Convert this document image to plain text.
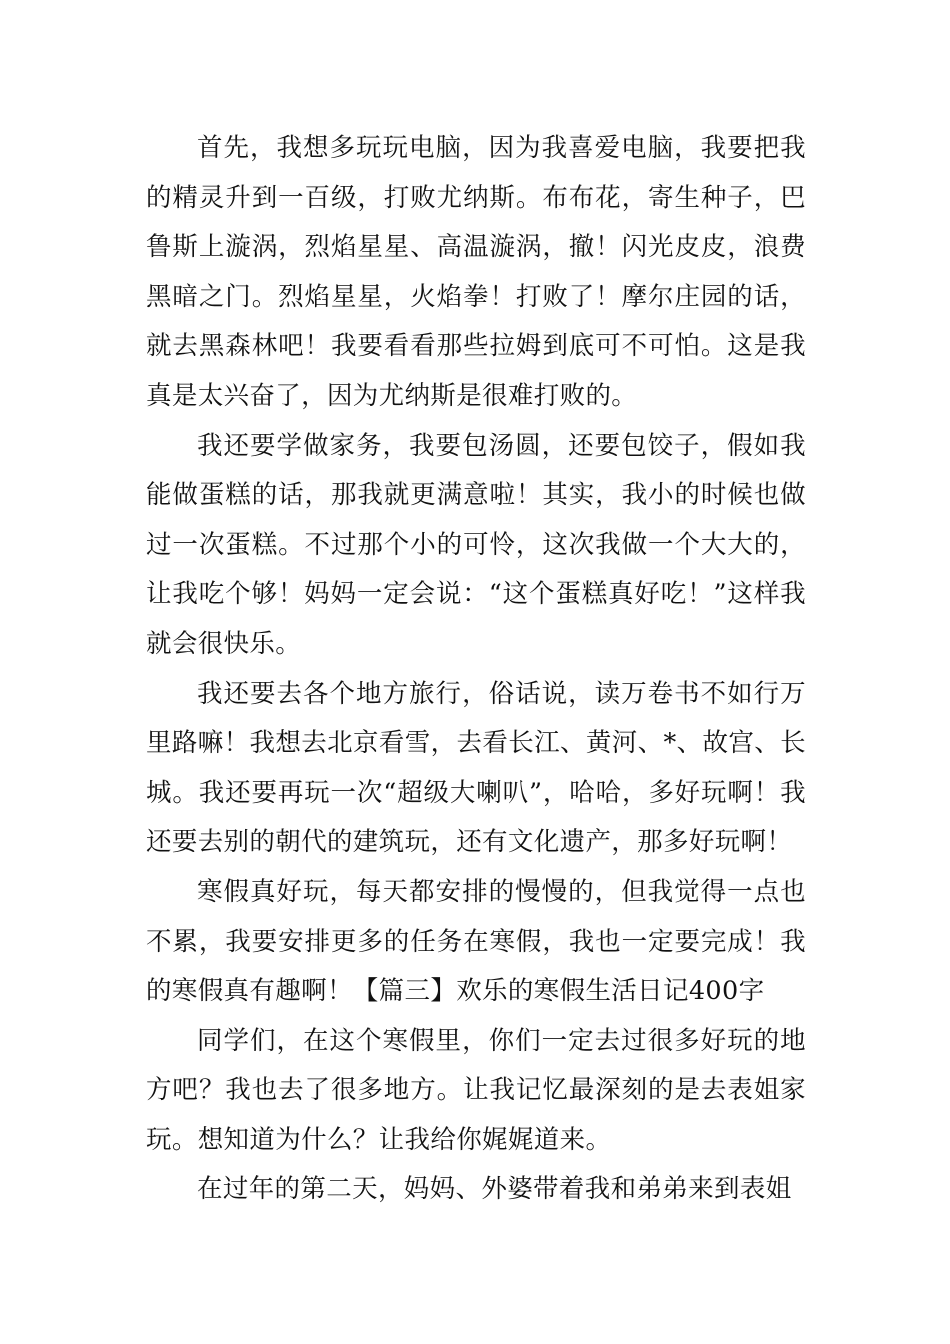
首先，我想多玩玩电脑，因为我喜爱电脑，我要把我的精灵升到一百级，打败尤纳斯。布布花，寄生种子，巴鲁斯上漩涡，烈焰星星、高温漩涡，撤！闪光皮皮，浪费黑暗之门。烈焰星星，火焰拳！打败了！摩尔庄园的话，就去黑森林吧！我要看看那些拉姆到底可不可怕。这是我真是太兴奋了，因为尤纳斯是很难打败的。

我还要学做家务，我要包汤圆，还要包饺子，假如我能做蛋糕的话，那我就更满意啦！其实，我小的时候也做过一次蛋糕。不过那个小的可怜，这次我做一个大大的，让我吃个够！妈妈一定会说：“这个蛋糕真好吃！”这样我就会很快乐。

我还要去各个地方旅行，俗话说，读万卷书不如行万里路嘛！我想去北京看雪，去看长江、黄河、*、故宫、长城。我还要再玩一次“超级大喇叭”，哈哈，多好玩啊！我还要去别的朝代的建筑玩，还有文化遗产，那多好玩啊！

寒假真好玩，每天都安排的慢慢的，但我觉得一点也不累，我要安排更多的任务在寒假，我也一定要完成！我的寒假真有趣啊！【篇三】欢乐的寒假生活日记400字

同学们，在这个寒假里，你们一定去过很多好玩的地方吧？我也去了很多地方。让我记忆最深刻的是去表姐家玩。想知道为什么？让我给你娓娓道来。

在过年的第二天，妈妈、外婆带着我和弟弟来到表姐
